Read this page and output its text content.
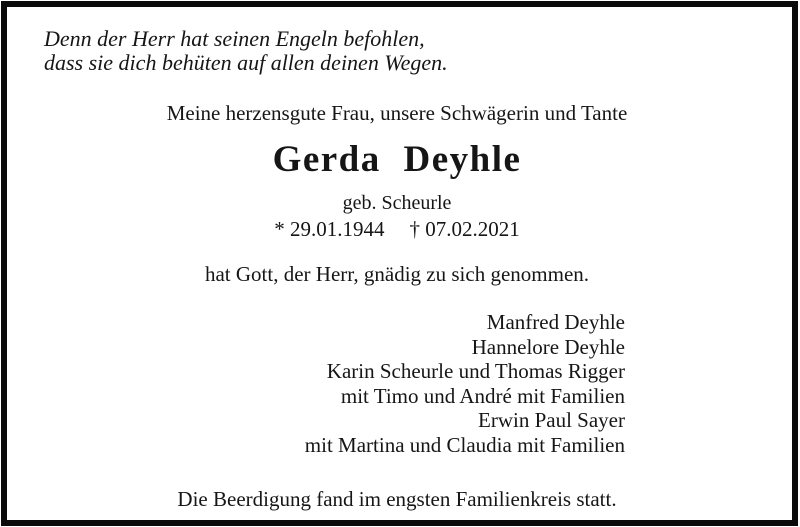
Denn der Herr hat seinen Engeln befohlen,
dass sie dich behüten auf allen deinen Wegen.
Meine herzensgute Frau, unsere Schwägerin und Tante
Gerda Deyhle
geb. Scheurle
* 29.01.1944 † 07.02.2021
hat Gott, der Herr, gnädig zu sich genommen.
Manfred Deyhle
Hannelore Deyhle
Karin Scheurle und Thomas Rigger
mit Timo und André mit Familien
Erwin Paul Sayer
mit Martina und Claudia mit Familien
Die Beerdigung fand im engsten Familienkreis statt.
